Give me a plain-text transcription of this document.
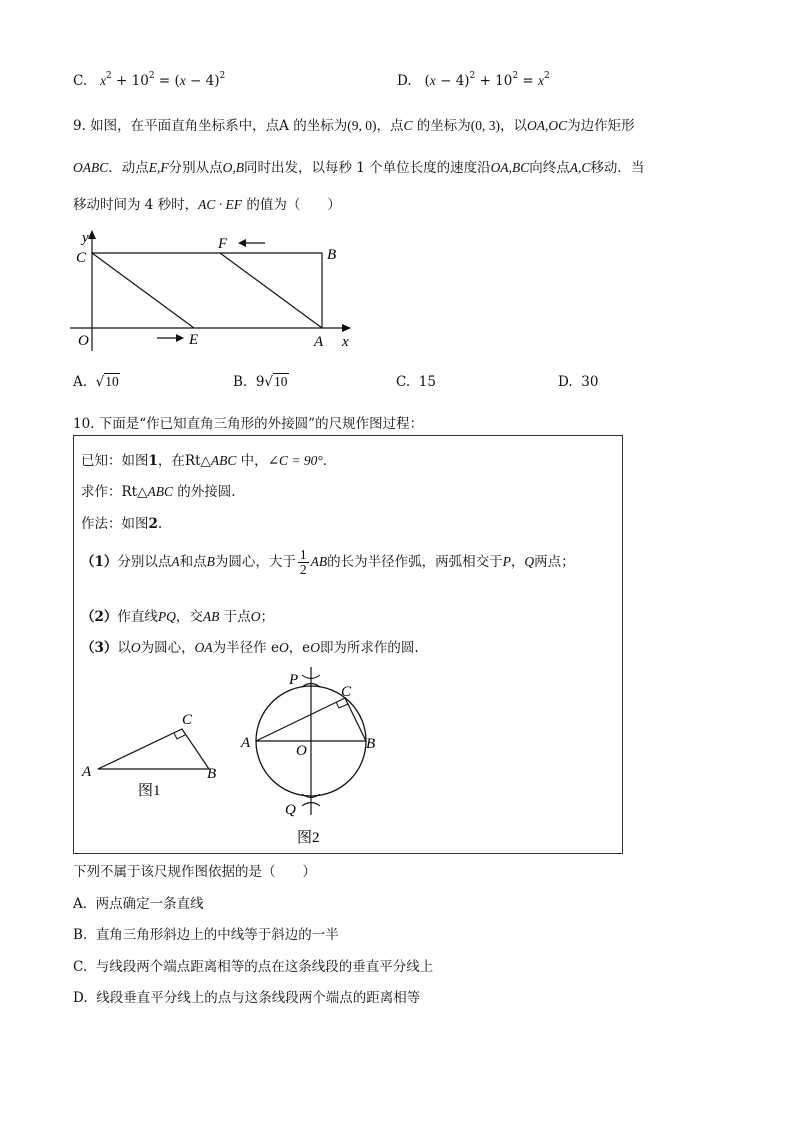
C. $x^2 + 10^2 = (x - 4)^2$	D. $(x - 4)^2 + 10^2 = x^2$
9. 如图，在平面直角坐标系中，点A 的坐标为(9, 0)，点C 的坐标为(0, 3)，以OA,OC为边作矩形
OABC．动点E,F分别从点O,B同时出发，以每秒 1 个单位长度的速度沿OA,BC向终点A,C移动．当
移动时间为 4 秒时，AC · EF 的值为（　　）
y
x
C	B
F
O	E	A
A. √10	B. 9√10	C. 15	D. 30
10. 下面是“作已知直角三角形的外接圆”的尺规作图过程：
已知：如图1，在Rt△ABC 中，∠C = 90°．
求作：Rt△ABC 的外接圆.
作法：如图2.
（1）分别以点A和点B为圆心，大于 $\frac{1}{2}$ AB的长为半径作弧，两弧相交于P，Q两点；
（2）作直线PQ，交AB 于点O；
（3）以O为圆心，OA为半径作 eO，eO即为所求作的圆.
A	B
C
图1
A	B
C
O
P
Q
图2
下列不属于该尺规作图依据的是（　　）
A. 两点确定一条直线
B. 直角三角形斜边上的中线等于斜边的一半
C. 与线段两个端点距离相等的点在这条线段的垂直平分线上
D. 线段垂直平分线上的点与这条线段两个端点的距离相等
